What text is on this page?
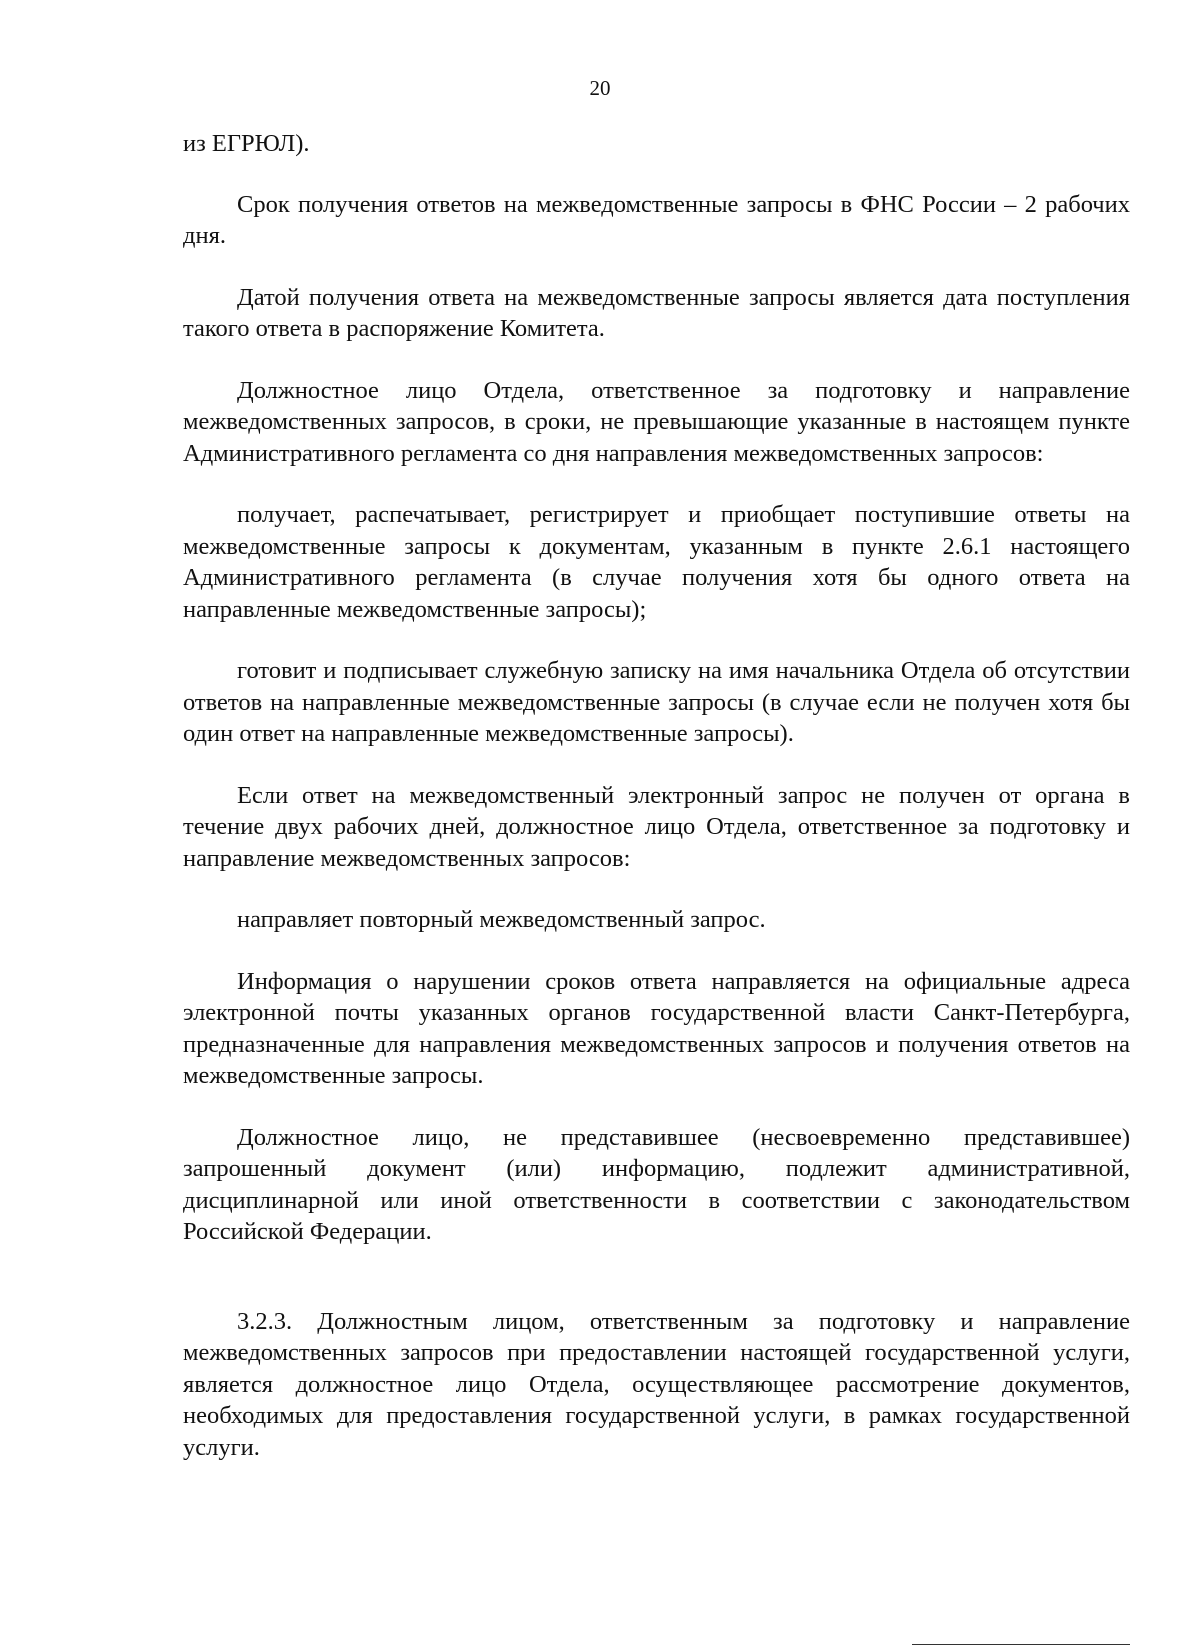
20

из ЕГРЮЛ).

Срок получения ответов на межведомственные запросы в ФНС России – 2 рабочих дня.

Датой получения ответа на межведомственные запросы является дата поступления такого ответа в распоряжение Комитета.

Должностное лицо Отдела, ответственное за подготовку и направление межведомственных запросов, в сроки, не превышающие указанные в настоящем пункте Административного регламента со дня направления межведомственных запросов:

получает, распечатывает, регистрирует и приобщает поступившие ответы на межведомственные запросы к документам, указанным в пункте 2.6.1 настоящего Административного регламента (в случае получения хотя бы одного ответа на направленные межведомственные запросы);

готовит и подписывает служебную записку на имя начальника Отдела об отсутствии ответов на направленные межведомственные запросы (в случае если не получен хотя бы один ответ на направленные межведомственные запросы).

Если ответ на межведомственный электронный запрос не получен от органа в течение двух рабочих дней, должностное лицо Отдела, ответственное за подготовку и направление межведомственных запросов:

направляет повторный межведомственный запрос.

Информация о нарушении сроков ответа направляется на официальные адреса электронной почты указанных органов государственной власти Санкт-Петербурга, предназначенные для направления межведомственных запросов и получения ответов на межведомственные запросы.

Должностное лицо, не представившее (несвоевременно представившее) запрошенный документ (или) информацию, подлежит административной, дисциплинарной или иной ответственности в соответствии с законодательством Российской Федерации.

3.2.3. Должностным лицом, ответственным за подготовку и направление межведомственных запросов при предоставлении настоящей государственной услуги, является должностное лицо Отдела, осуществляющее рассмотрение документов, необходимых для предоставления государственной услуги, в рамках государственной услуги.
